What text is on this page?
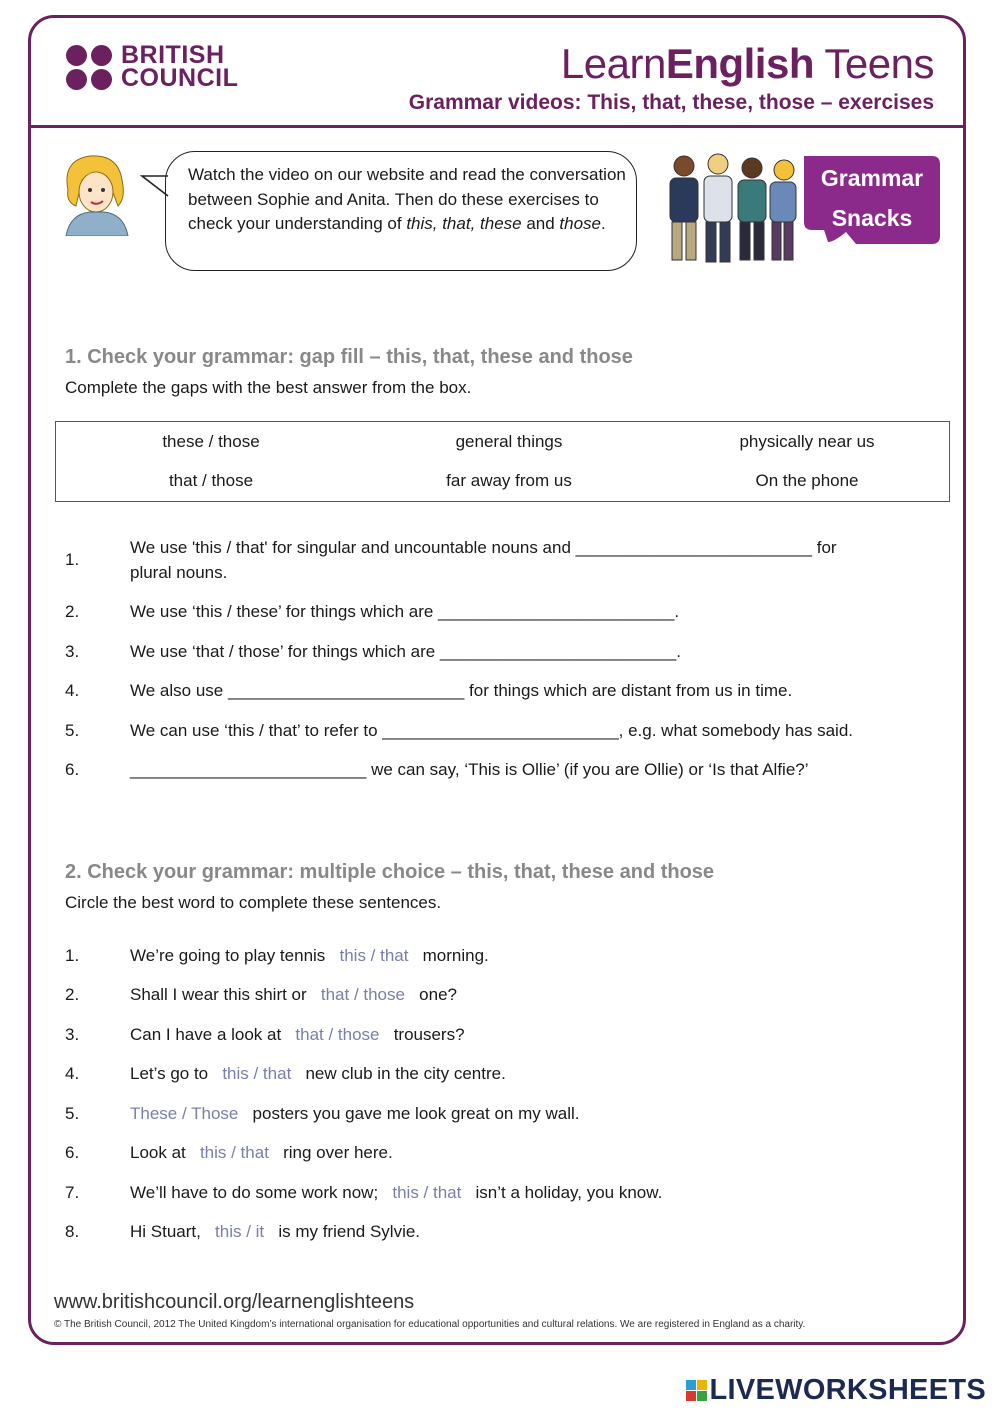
BRITISH
COUNCIL	LearnEnglish Teens
Grammar videos: This, that, these, those – exercises
Watch the video on our website and read the conversation between Sophie and Anita. Then do these exercises to check your understanding of this, that, these and those.
Grammar
Snacks
1. Check your grammar: gap fill – this, that, these and those
Complete the gaps with the best answer from the box.
these / those	general things	physically near us
that / those	far away from us	On the phone
1.
We use 'this / that' for singular and uncountable nouns and _________________________ for
plural nouns.
2.	We use ‘this / these’ for things which are _________________________.
3.	We use ‘that / those’ for things which are _________________________.
4.	We also use _________________________ for things which are distant from us in time.
5.	We can use ‘this / that’ to refer to _________________________, e.g. what somebody has said.
6.	_________________________ we can say, ‘This is Ollie’ (if you are Ollie) or ‘Is that Alfie?’
2. Check your grammar: multiple choice – this, that, these and those
Circle the best word to complete these sentences.
1.	We’re going to play tennis this / that morning.
2.	Shall I wear this shirt or that / those one?
3.	Can I have a look at that / those trousers?
4.	Let’s go to this / that new club in the city centre.
5.	These / Those posters you gave me look great on my wall.
6.	Look at this / that ring over here.
7.	We’ll have to do some work now; this / that isn’t a holiday, you know.
8.	Hi Stuart, this / it is my friend Sylvie.
www.britishcouncil.org/learnenglishteens
© The British Council, 2012 The United Kingdom’s international organisation for educational opportunities and cultural relations. We are registered in England as a charity.
LIVEWORKSHEETS
